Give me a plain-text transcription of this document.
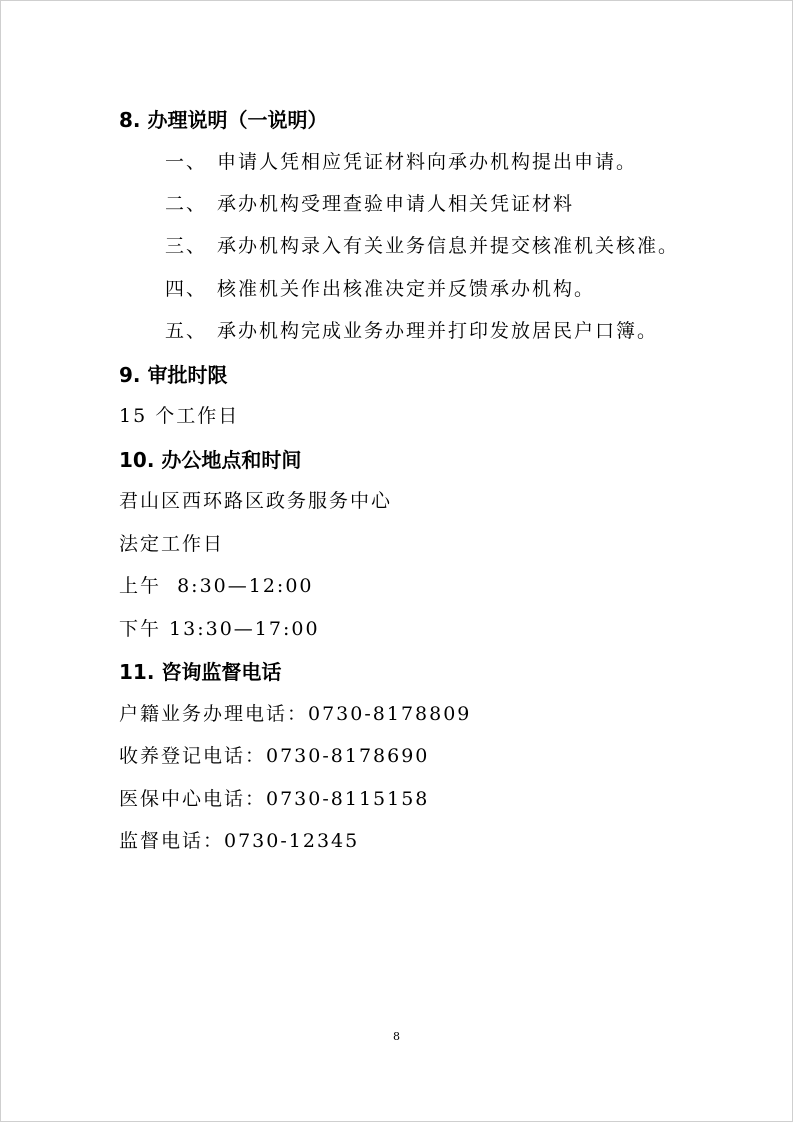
8. 办理说明（一说明）
一、 申请人凭相应凭证材料向承办机构提出申请。
二、 承办机构受理查验申请人相关凭证材料
三、 承办机构录入有关业务信息并提交核准机关核准。
四、 核准机关作出核准决定并反馈承办机构。
五、 承办机构完成业务办理并打印发放居民户口簿。
9. 审批时限
15 个工作日
10. 办公地点和时间
君山区西环路区政务服务中心
法定工作日
上午  8:30—12:00
下午 13:30—17:00
11. 咨询监督电话
户籍业务办理电话：0730-8178809
收养登记电话：0730-8178690
医保中心电话：0730-8115158
监督电话：0730-12345
8
